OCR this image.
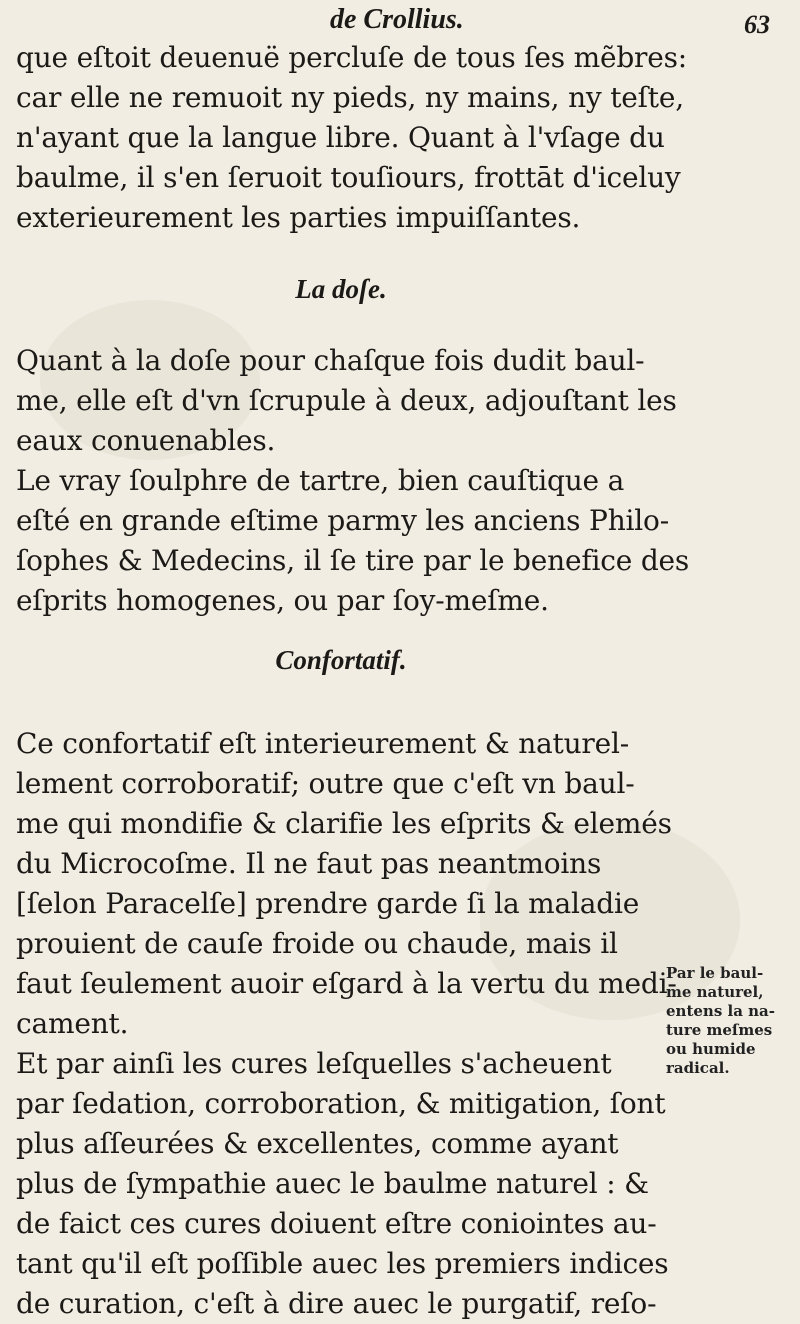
de Crollius.	63
que eſtoit deuenuë percluſe de tous ſes mẽbres:
car elle ne remuoit ny pieds, ny mains, ny teſte,
n'ayant que la langue libre. Quant à l'vſage du
baulme, il s'en ſeruoit touſiours, frottāt d'iceluy
exterieurement les parties impuiſſantes.
La doſe.
Quant à la doſe pour chaſque fois dudit baul-
me, elle eſt d'vn ſcrupule à deux, adjouſtant les
eaux conuenables.
Le vray ſoulphre de tartre, bien cauſtique a
eſté en grande eſtime parmy les anciens Philo-
ſophes & Medecins, il ſe tire par le benefice des
eſprits homogenes, ou par ſoy-meſme.
Confortatif.
Ce confortatif eſt interieurement & naturel-
lement corroboratif; outre que c'eſt vn baul-
me qui mondifie & clarifie les eſprits & elemés
du Microcoſme. Il ne faut pas neantmoins
[ſelon Paracelſe] prendre garde ſi la maladie
prouient de cauſe froide ou chaude, mais il
faut ſeulement auoir eſgard à la vertu du medi-
cament.
Et par ainſi les cures leſquelles s'acheuent
par ſedation, corroboration, & mitigation, ſont
plus aſſeurées & excellentes, comme ayant
plus de ſympathie auec le baulme naturel : &
de faict ces cures doiuent eſtre coniointes au-
tant qu'il eſt poſſible auec les premiers indices
de curation, c'eſt à dire auec le purgatif, reſo-
Par le baul-
me naturel,
entens la na-
ture meſmes
ou humide
radical.
